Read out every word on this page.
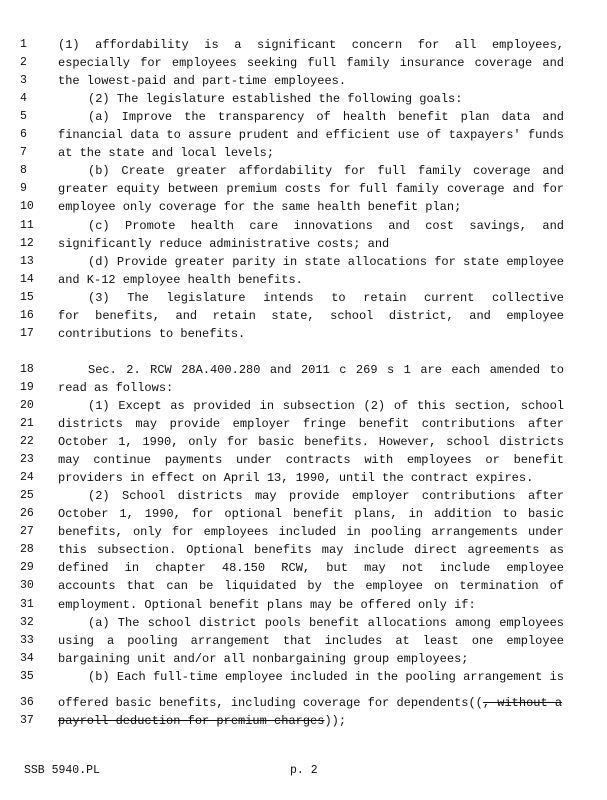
1	(1) affordability is a significant concern for all employees,
2	especially for employees seeking full family insurance coverage and
3	the lowest-paid and part-time employees.
4	(2) The legislature established the following goals:
5	(a) Improve the transparency of health benefit plan data and
6	financial data to assure prudent and efficient use of taxpayers' funds
7	at the state and local levels;
8	(b) Create greater affordability for full family coverage and
9	greater equity between premium costs for full family coverage and for
10	employee only coverage for the same health benefit plan;
11	(c) Promote health care innovations and cost savings, and
12	significantly reduce administrative costs; and
13	(d) Provide greater parity in state allocations for state employee
14	and K-12 employee health benefits.
15	(3) The legislature intends to retain current collective
16	for benefits, and retain state, school district, and employee
17	contributions to benefits.
18	Sec. 2. RCW 28A.400.280 and 2011 c 269 s 1 are each amended to
19	read as follows:
20	(1) Except as provided in subsection (2) of this section, school
21	districts may provide employer fringe benefit contributions after
22	October 1, 1990, only for basic benefits. However, school districts
23	may continue payments under contracts with employees or benefit
24	providers in effect on April 13, 1990, until the contract expires.
25	(2) School districts may provide employer contributions after
26	October 1, 1990, for optional benefit plans, in addition to basic
27	benefits, only for employees included in pooling arrangements under
28	this subsection. Optional benefits may include direct agreements as
29	defined in chapter 48.150 RCW, but may not include employee
30	accounts that can be liquidated by the employee on termination of
31	employment. Optional benefit plans may be offered only if:
32	(a) The school district pools benefit allocations among employees
33	using a pooling arrangement that includes at least one employee
34	bargaining unit and/or all nonbargaining group employees;
35	(b) Each full-time employee included in the pooling arrangement is
36	offered basic benefits, including coverage for dependents((, without a
37	payroll deduction for premium charges));
SSB 5940.PL	p. 2
